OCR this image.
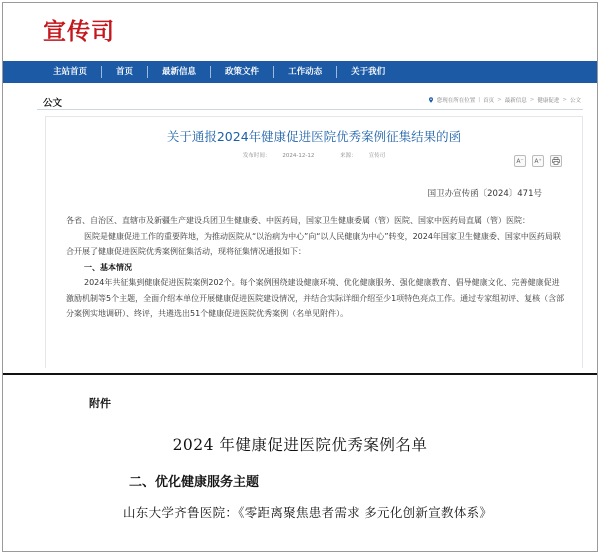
宣传司
主站首页	首页	最新信息	政策文件	工作动态	关于我们
公文	您现在所在位置 | 首页 > 最新信息 > 健康促进 > 公文
关于通报2024年健康促进医院优秀案例征集结果的函
发布时间： 2024-12-12	来源： 宣传司
A⁻	A⁺
国卫办宣传函〔2024〕471号

各省、自治区、直辖市及新疆生产建设兵团卫生健康委、中医药局，国家卫生健康委属（管）医院、国家中医药局直属（管）医院：

医院是健康促进工作的重要阵地，为推动医院从“以治病为中心”向“以人民健康为中心”转变，2024年国家卫生健康委、国家中医药局联合开展了健康促进医院优秀案例征集活动，现将征集情况通报如下：

一、基本情况

2024年共征集到健康促进医院案例202个。每个案例围绕建设健康环境、优化健康服务、强化健康教育、倡导健康文化、完善健康促进激励机制等5个主题，全面介绍本单位开展健康促进医院建设情况，并结合实际详细介绍至少1项特色亮点工作。通过专家组初评、复核（含部分案例实地调研）、终评，共遴选出51个健康促进医院优秀案例（名单见附件）。

附件
2024 年健康促进医院优秀案例名单
二、优化健康服务主题
山东大学齐鲁医院：《零距离聚焦患者需求 多元化创新宣教体系》
